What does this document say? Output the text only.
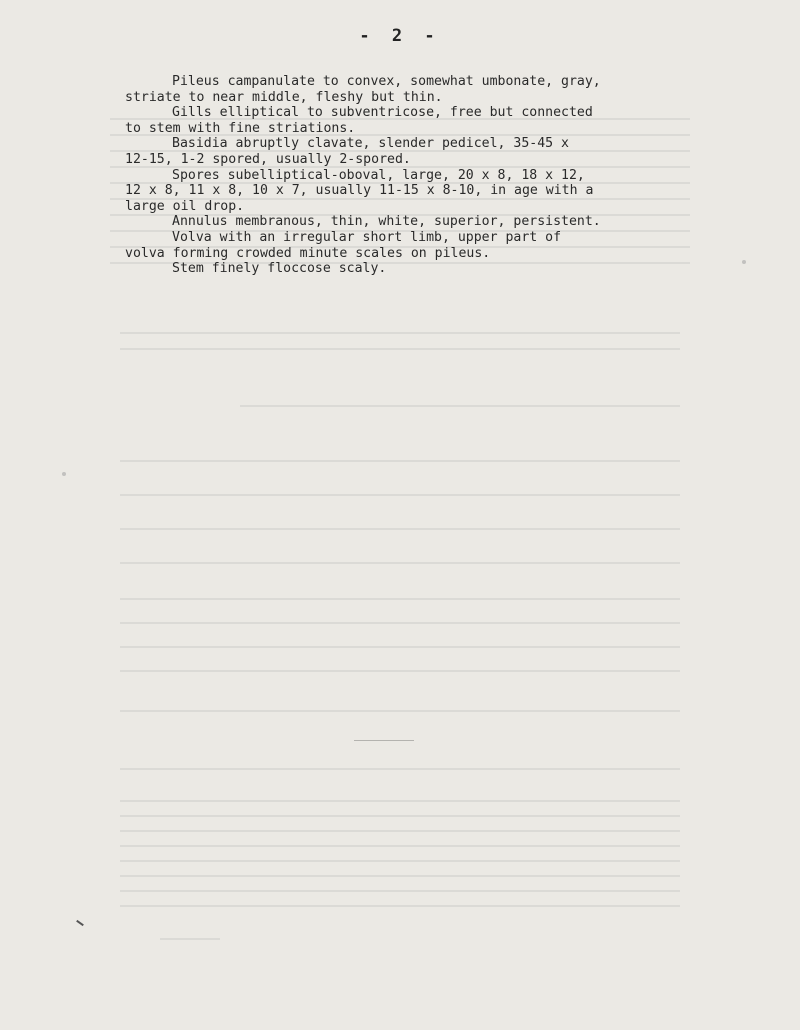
- 2 -

Pileus campanulate to convex, somewhat umbonate, gray,

striate to near middle, fleshy but thin.

Gills elliptical to subventricose, free but connected

to stem with fine striations.

Basidia abruptly clavate, slender pedicel, 35-45 x

12-15, 1-2 spored, usually 2-spored.

Spores subelliptical-oboval, large, 20 x 8, 18 x 12,

12 x 8, 11 x 8, 10 x 7, usually 11-15 x 8-10, in age with a

large oil drop.

Annulus membranous, thin, white, superior, persistent.

Volva with an irregular short limb, upper part of

volva forming crowded minute scales on pileus.

Stem finely floccose scaly.
